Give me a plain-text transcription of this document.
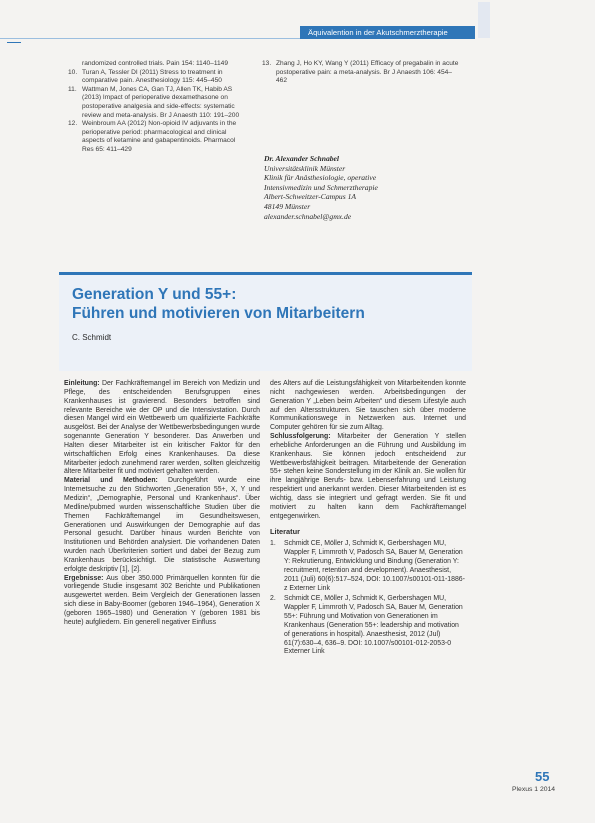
Äquivalention in der Akutschmerztherapie
randomized controlled trials. Pain 154: 1140–1149
10. Turan A, Tessler DI (2011) Stress to treatment in comparative pain. Anesthesiology 115: 445–450
11. Wattman M, Jones CA, Gan TJ, Allen TK, Habib AS (2013) Impact of perioperative dexamethasone on postoperative analgesia and side-effects: systematic review and meta-analysis. Br J Anaesth 110: 191–200
12. Weinbroum AA (2012) Non-opioid IV adjuvants in the perioperative period: pharmacological and clinical aspects of ketamine and gabapentinoids. Pharmacol Res 65: 411–429
13. Zhang J, Ho KY, Wang Y (2011) Efficacy of pregabalin in acute postoperative pain: a meta-analysis. Br J Anaesth 106: 454–462
Dr. Alexander Schnabel
Universitätsklinik Münster
Klinik für Anästhesiologie, operative
Intensivmedizin und Schmerztherapie
Albert-Schweitzer-Campus 1A
48149 Münster
alexander.schnabel@gmx.de
Generation Y und 55+:
Führen und motivieren von Mitarbeitern
C. Schmidt

Einleitung: Der Fachkräftemangel im Bereich von Medizin und Pflege, des entscheidenden Berufsgruppen eines Krankenhauses ist gravierend. Besonders betroffen sind relevante Bereiche wie der OP und die Intensivstation. Durch diesen Mangel wird ein Wettbewerb um qualifizierte Fachkräfte ausgelöst. Bei der Analyse der Wettbewerbsbedingungen wurde sogenannte Generation Y besonderer. Das Anwerben und Halten dieser Mitarbeiter ist ein kritischer Faktor für den wirtschaftlichen Erfolg eines Krankenhauses. Da diese Mitarbeiter jedoch zunehmend rarer werden, sollten gleichzeitig ältere Mitarbeiter fit und motiviert gehalten werden.

Material und Methoden: Durchgeführt wurde eine Internetsuche zu den Stichworten „Generation 55+, X, Y und Medizin“, „Demographie, Personal und Krankenhaus“. Über Medline/pubmed wurden wissenschaftliche Studien über die Themen Fachkräftemangel im Gesundheitswesen, Generationen und Auswirkungen der Demographie auf das Personal gesucht. Darüber hinaus wurden Berichte von Institutionen und Behörden analysiert. Die vorhandenen Daten wurden nach Überkriterien sortiert und dabei der Bezug zum Krankenhaus berücksichtigt. Die statistische Auswertung erfolgte deskriptiv [1], [2].

Ergebnisse: Aus über 350.000 Primärquellen konnten für die vorliegende Studie insgesamt 302 Berichte und Publikationen ausgewertet werden. Beim Vergleich der Generationen lassen sich diese in Baby-Boomer (geboren 1946–1964), Generation X (geboren 1965–1980) und Generation Y (geboren 1981 bis heute) aufgliedern. Ein generell negativer Einfluss

des Alters auf die Leistungsfähigkeit von Mitarbeitenden konnte nicht nachgewiesen werden. Arbeitsbedingungen der Generation Y „Leben beim Arbeiten“ und diesem Lifestyle auch auf den Altersstrukturen. Sie tauschen sich über moderne Kommunikationswege in Netzwerken aus. Internet und Computer gehören für sie zum Alltag.

Schlussfolgerung: Mitarbeiter der Generation Y stellen erhebliche Anforderungen an die Führung und Ausbildung im Krankenhaus. Sie können jedoch entscheidend zur Wettbewerbsfähigkeit beitragen. Mitarbeitende der Generation 55+ stehen keine Sonderstellung im der Klinik an. Sie wollen für ihre langjährige Berufs- bzw. Lebenserfahrung und Leistung respektiert und anerkannt werden. Dieser Mitarbeitenden ist es wichtig, dass sie integriert und gefragt werden. Sie fit und motiviert zu halten kann dem Fachkräftemangel entgegenwirken.

Literatur
1. Schmidt CE, Möller J, Schmidt K, Gerbershagen MU, Wappler F, Limmroth V, Padosch SA, Bauer M, Generation Y: Rekrutierung, Entwicklung und Bindung (Generation Y: recruitment, retention and development). Anaesthesist, 2011 (Juli) 60(6):517–524, DOI: 10.1007/s00101-011-1886-z Externer Link
2. Schmidt CE, Möller J, Schmidt K, Gerbershagen MU, Wappler F, Limmroth V, Padosch SA, Bauer M, Generation 55+: Führung und Motivation von Generationen im Krankenhaus (Generation 55+: leadership and motivation of generations in hospital). Anaesthesist, 2012 (Jul) 61(7):630–4, 636–9. DOI: 10.1007/s00101-012-2053-0 Externer Link
55
Plexus 1 2014
